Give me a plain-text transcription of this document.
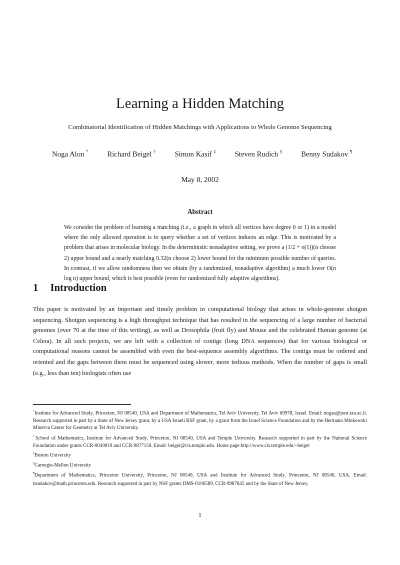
Learning a Hidden Matching
Combinatorial Identification of Hidden Matchings with Applications to Whole Genome Sequencing
Noga Alon *	Richard Beigel †	Simon Kasif ‡	Steven Rudich §	Benny Sudakov ¶
May 8, 2002
Abstract
We consider the problem of learning a matching (i.e., a graph in which all vertices have degree 0 or 1) in a model where the only allowed operation is to query whether a set of vertices induces an edge. This is motivated by a problem that arises in molecular biology. In the deterministic nonadaptive setting, we prove a (1/2 + o(1))(n choose 2) upper bound and a nearly matching 0.32(n choose 2) lower bound for the minimum possible number of queries. In contrast, if we allow randomness then we obtain (by a randomized, nonadaptive algorithm) a much lower O(n log n) upper bound, which is best possible (even for randomized fully adaptive algorithms).
1 Introduction
This paper is motivated by an important and timely problem in computational biology that arises in whole-genome shotgun sequencing. Shotgun sequencing is a high throughput technique that has resulted in the sequencing of a large number of bacterial genomes (over 70 at the time of this writing), as well as Drosophila (fruit fly) and Mouse and the celebrated Human genome (at Celera). In all such projects, we are left with a collection of contigs (long DNA sequences) that for various biological or computational reasons cannot be assembled with even the best-sequence assembly algorithms. The contigs must be ordered and oriented and the gaps between them must be sequenced using slower, more tedious methods. When the number of gaps is small (e.g., less than ten) biologists often use

*Institute for Advanced Study, Princeton, NJ 08540, USA and Department of Mathematics, Tel Aviv University, Tel Aviv 69978, Israel. Email: nogaa@post.tau.ac.il. Research supported in part by a State of New Jersey grant, by a USA Israeli BSF grant, by a grant from the Israel Science Foundation and by the Hermann Minkowski Minerva Center for Geometry at Tel Aviv University.

†School of Mathematics, Institute for Advanced Study, Princeton, NJ 08540, USA and Temple University. Research supported in part by the National Science Foundation under grants CCR-0049019 and CCR-9877150. Email: beigel@cis.temple.edu. Home page:http://www.cis.temple.edu/~beigel

‡Boston University

§Carnegie-Mellon University

¶Department of Mathematics, Princeton University, Princeton, NJ 08540, USA and Institute for Advanced Study, Princeton, NJ 08540, USA. Email: bsudakov@math.princeton.edu. Research supported in part by NSF grants DMS-0106589, CCR-9987845 and by the State of New Jersey.

1
